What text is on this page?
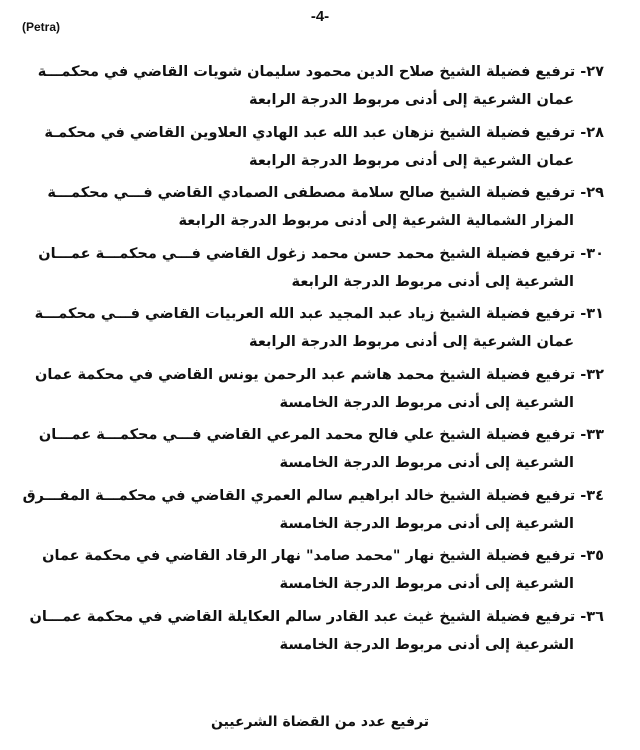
(Petra)
-4-
٢٧- ترفيع فضيلة الشيخ صلاح الدين محمود سليمان شويات القاضي في محكمـــة
عمان الشرعية إلى أدنى مربوط الدرجة الرابعة
٢٨- ترفيع فضيلة الشيخ نزهان عبد الله عبد الهادي العلاوين القاضي في محكمـة
عمان الشرعية إلى أدنى مربوط الدرجة الرابعة
٢٩- ترفيع فضيلة الشيخ صالح سلامة مصطفى الصمادي القاضي فـــي محكمـــة
المزار الشمالية الشرعية إلى أدنى مربوط الدرجة الرابعة
٣٠- ترفيع فضيلة الشيخ محمد حسن محمد زغول القاضي فـــي محكمـــة عمـــان
الشرعية إلى أدنى مربوط الدرجة الرابعة
٣١- ترفيع فضيلة الشيخ زياد عبد المجيد عبد الله العربيات القاضي فـــي محكمـــة
عمان الشرعية إلى أدنى مربوط الدرجة الرابعة
٣٢- ترفيع فضيلة الشيخ محمد هاشم عبد الرحمن يونس القاضي في محكمة عمان
الشرعية إلى أدنى مربوط الدرجة الخامسة
٣٣- ترفيع فضيلة الشيخ علي فالح محمد المرعي القاضي فـــي محكمـــة عمـــان
الشرعية إلى أدنى مربوط الدرجة الخامسة
٣٤- ترفيع فضيلة الشيخ خالد ابراهيم سالم العمري القاضي في محكمـــة المفـــرق
الشرعية إلى أدنى مربوط الدرجة الخامسة
٣٥- ترفيع فضيلة الشيخ نهار "محمد صامد" نهار الرقاد القاضي في محكمة عمان
الشرعية إلى أدنى مربوط الدرجة الخامسة
٣٦- ترفيع فضيلة الشيخ غيث عبد القادر سالم العكايلة القاضي في محكمة عمـــان
الشرعية إلى أدنى مربوط الدرجة الخامسة
ترفيع عدد من القضاة الشرعيين
